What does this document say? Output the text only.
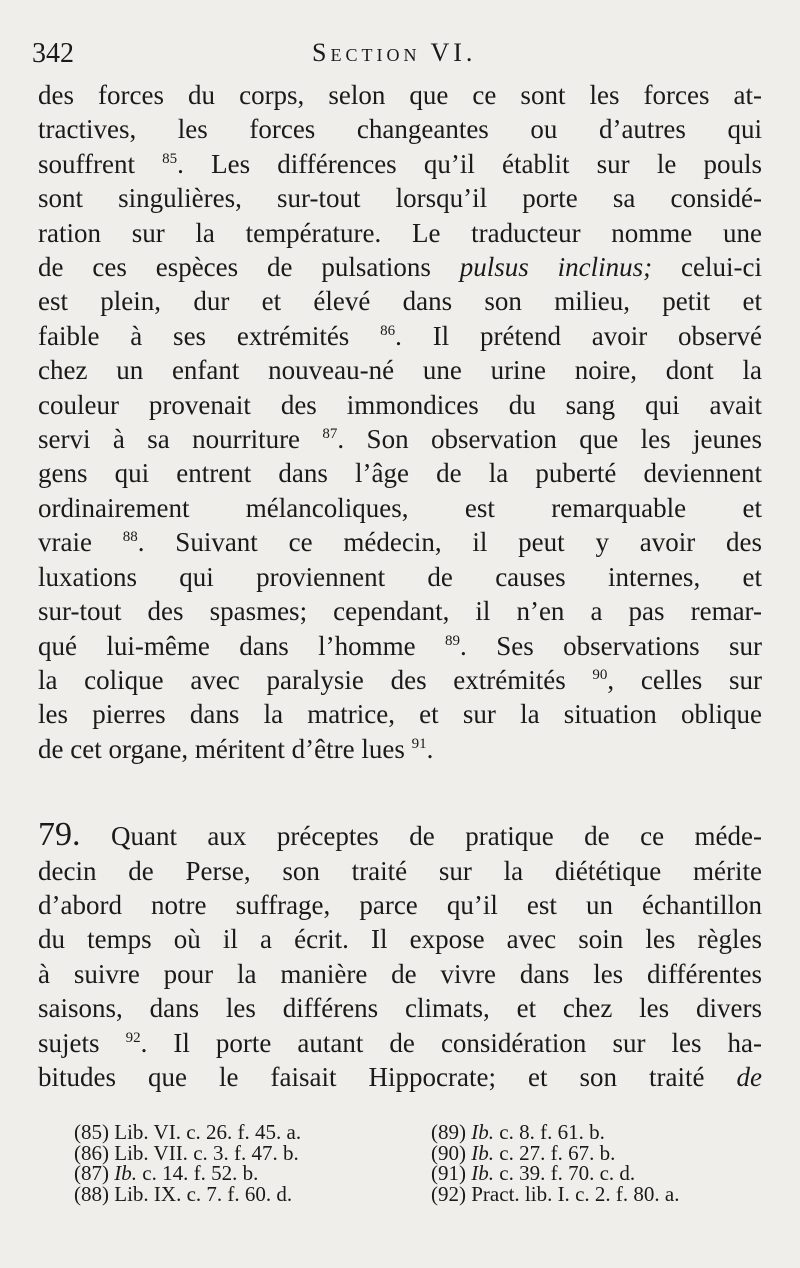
342	Section VI.
des forces du corps, selon que ce sont les forces at-
tractives, les forces changeantes ou d’autres qui
souffrent $^{85}$. Les différences qu’il établit sur le pouls
sont singulières, sur-tout lorsqu’il porte sa considé-
ration sur la température. Le traducteur nomme une
de ces espèces de pulsations pulsus inclinus; celui-ci
est plein, dur et élevé dans son milieu, petit et
faible à ses extrémités $^{86}$. Il prétend avoir observé
chez un enfant nouveau-né une urine noire, dont la
couleur provenait des immondices du sang qui avait
servi à sa nourriture $^{87}$. Son observation que les jeunes
gens qui entrent dans l’âge de la puberté deviennent
ordinairement mélancoliques, est remarquable et
vraie $^{88}$. Suivant ce médecin, il peut y avoir des
luxations qui proviennent de causes internes, et
sur-tout des spasmes; cependant, il n’en a pas remar-
qué lui-même dans l’homme $^{89}$. Ses observations sur
la colique avec paralysie des extrémités $^{90}$, celles sur
les pierres dans la matrice, et sur la situation oblique
de cet organe, méritent d’être lues $^{91}$.
79. Quant aux préceptes de pratique de ce méde-
decin de Perse, son traité sur la diététique mérite
d’abord notre suffrage, parce qu’il est un échantillon
du temps où il a écrit. Il expose avec soin les règles
à suivre pour la manière de vivre dans les différentes
saisons, dans les différens climats, et chez les divers
sujets $^{92}$. Il porte autant de considération sur les ha-
bitudes que le faisait Hippocrate; et son traité de
(85) Lib. VI. c. 26. f. 45. a.
(86) Lib. VII. c. 3. f. 47. b.
(87) Ib. c. 14. f. 52. b.
(88) Lib. IX. c. 7. f. 60. d.
(89) Ib. c. 8. f. 61. b.
(90) Ib. c. 27. f. 67. b.
(91) Ib. c. 39. f. 70. c. d.
(92) Pract. lib. I. c. 2. f. 80. a.
